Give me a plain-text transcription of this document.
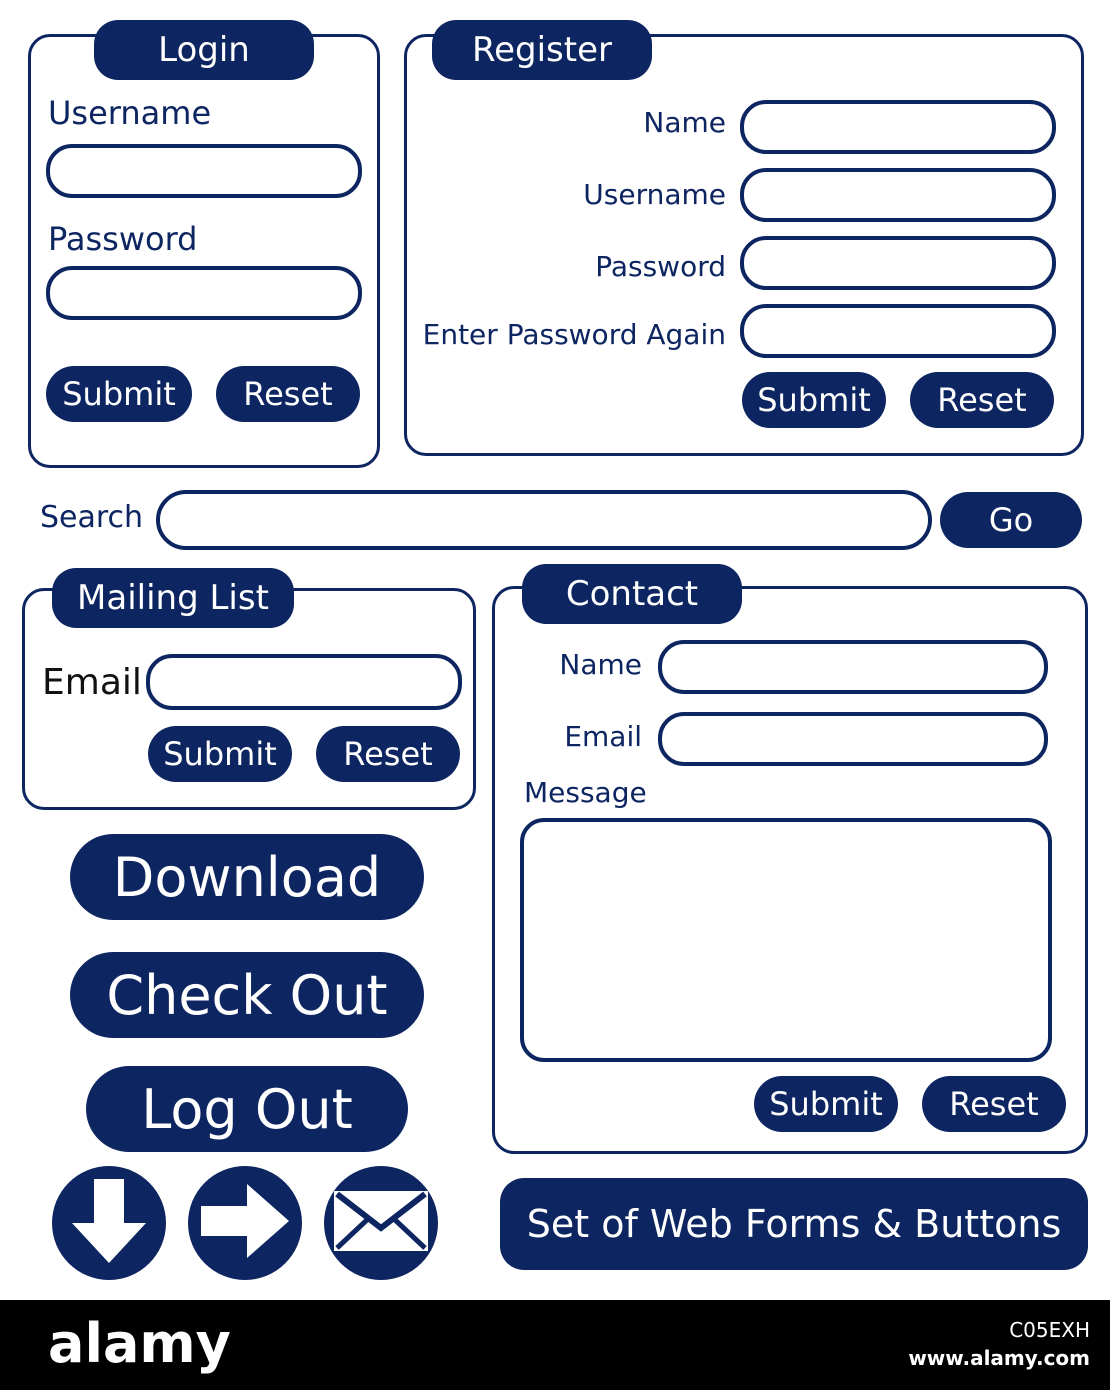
Login
Username
Password
Submit	Reset
Register
Name
Username
Password
Enter Password Again
Submit	Reset
Search	Go
Mailing List
Email
Submit	Reset
Contact
Name
Email
Message
Submit	Reset
Download
Check Out
Log Out
Set of Web Forms & Buttons
alamy	C05EXH
www.alamy.com
